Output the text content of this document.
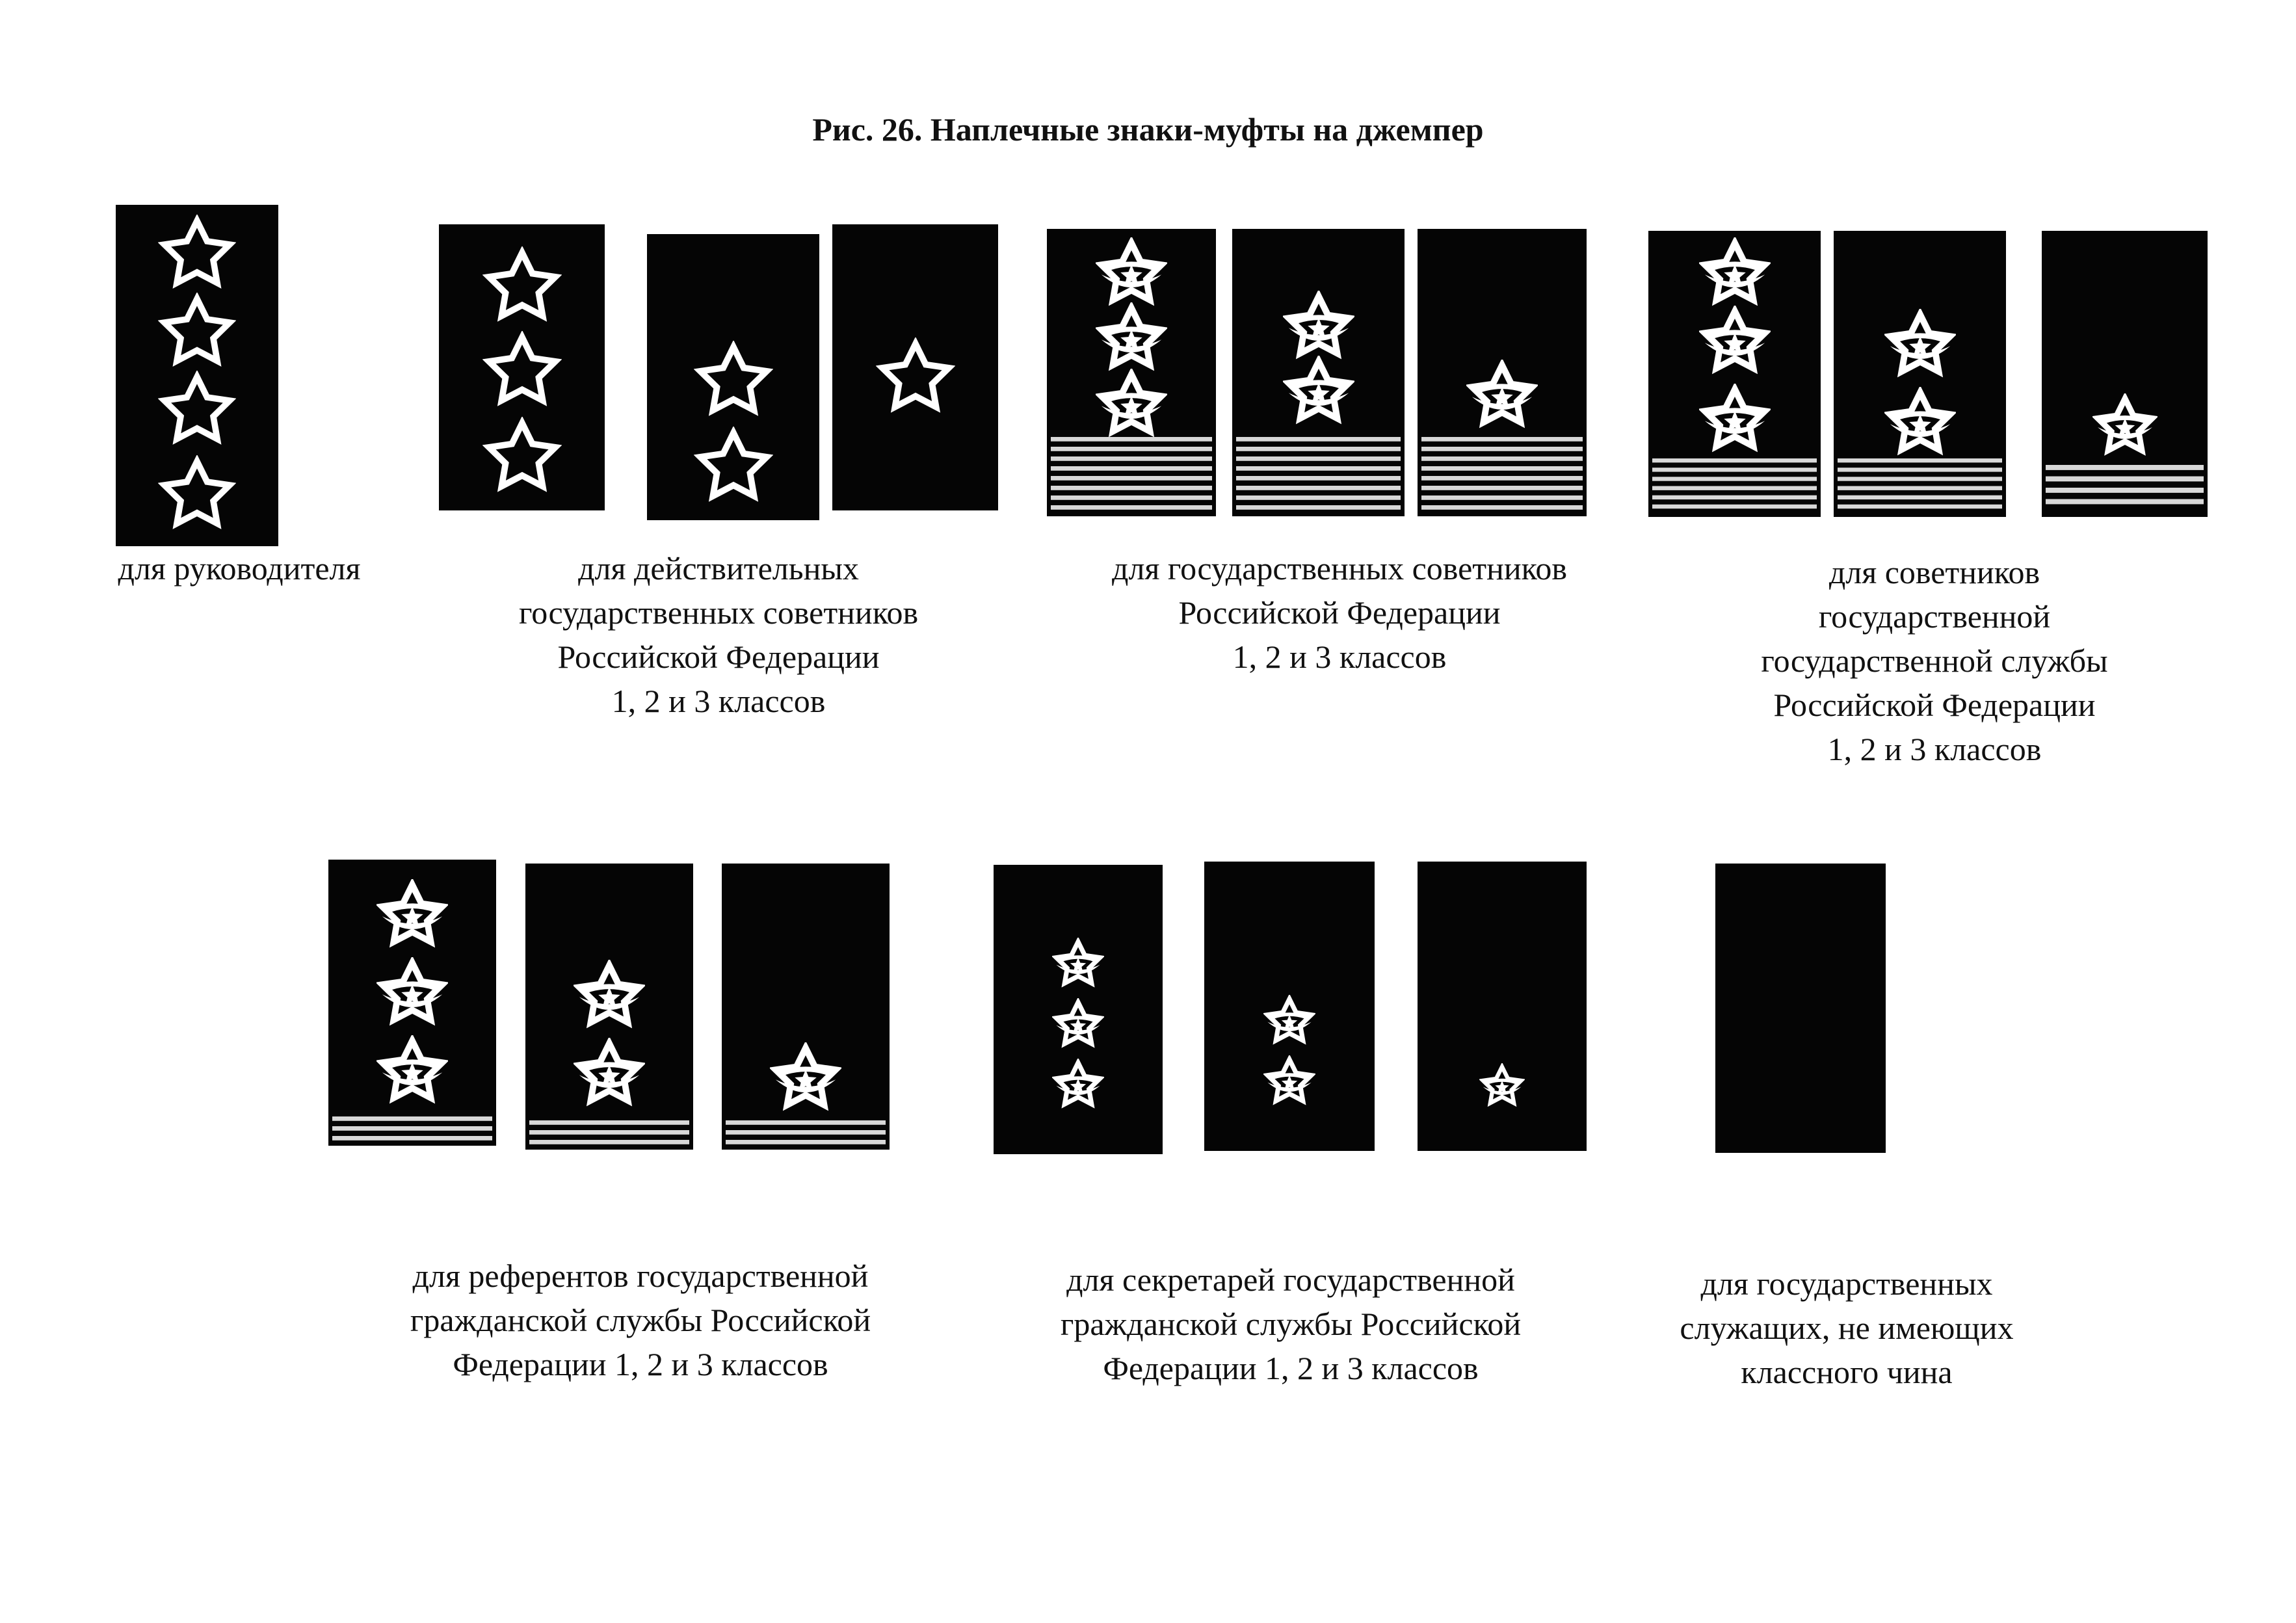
Рис. 26. Наплечные знаки-муфты на джемпер
для руководителя	для действительных
государственных советников
Российской Федерации
1, 2 и 3 классов
для государственных советников
Российской Федерации
1, 2 и 3 классов
для советников
государственной
государственной службы
Российской Федерации
1, 2 и 3 классов
для референтов государственной
гражданской службы Российской
Федерации 1, 2 и 3 классов
для секретарей государственной
гражданской службы Российской
Федерации 1, 2 и 3 классов
для государственных
служащих, не имеющих
классного чина
